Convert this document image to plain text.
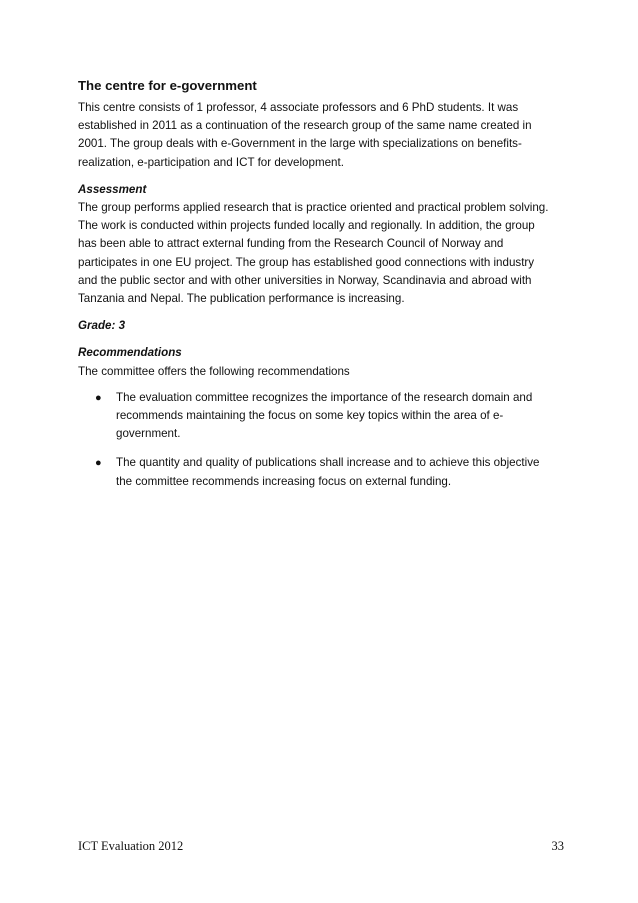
The centre for e-government

This centre consists of 1 professor, 4 associate professors and 6 PhD students. It was
established in 2011 as a continuation of the research group of the same name created in
2001. The group deals with e-Government in the large with specializations on benefits-
realization, e-participation and ICT for development.

Assessment

The group performs applied research that is practice oriented and practical problem solving.
The work is conducted within projects funded locally and regionally. In addition, the group
has been able to attract external funding from the Research Council of Norway and
participates in one EU project. The group has established good connections with industry
and the public sector and with other universities in Norway, Scandinavia and abroad with
Tanzania and Nepal. The publication performance is increasing.

Grade: 3

Recommendations

The committee offers the following recommendations

● The evaluation committee recognizes the importance of the research domain and
recommends maintaining the focus on some key topics within the area of e-
government.
● The quantity and quality of publications shall increase and to achieve this objective
the committee recommends increasing focus on external funding.
ICT Evaluation 2012	33
